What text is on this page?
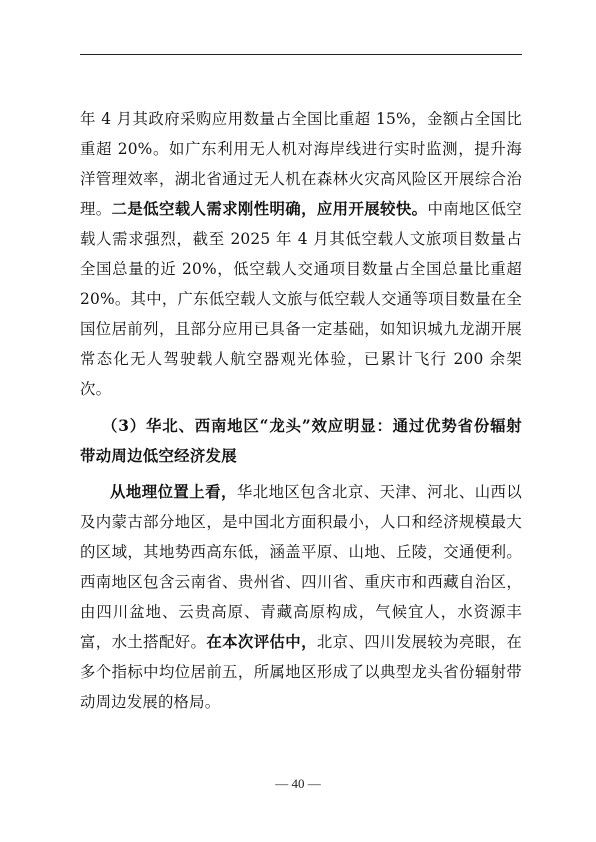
年 4 月其政府采购应用数量占全国比重超 15%，金额占全国比重超 20%。如广东利用无人机对海岸线进行实时监测，提升海洋管理效率，湖北省通过无人机在森林火灾高风险区开展综合治理。二是低空载人需求刚性明确，应用开展较快。中南地区低空载人需求强烈，截至 2025 年 4 月其低空载人文旅项目数量占全国总量的近 20%，低空载人交通项目数量占全国总量比重超 20%。其中，广东低空载人文旅与低空载人交通等项目数量在全国位居前列，且部分应用已具备一定基础，如知识城九龙湖开展常态化无人驾驶载人航空器观光体验，已累计飞行 200 余架次。

（3）华北、西南地区“龙头”效应明显：通过优势省份辐射带动周边低空经济发展

从地理位置上看，华北地区包含北京、天津、河北、山西以及内蒙古部分地区，是中国北方面积最小，人口和经济规模最大的区域，其地势西高东低，涵盖平原、山地、丘陵，交通便利。西南地区包含云南省、贵州省、四川省、重庆市和西藏自治区，由四川盆地、云贵高原、青藏高原构成，气候宜人，水资源丰富，水土搭配好。在本次评估中，北京、四川发展较为亮眼，在多个指标中均位居前五，所属地区形成了以典型龙头省份辐射带动周边发展的格局。

— 40 —
